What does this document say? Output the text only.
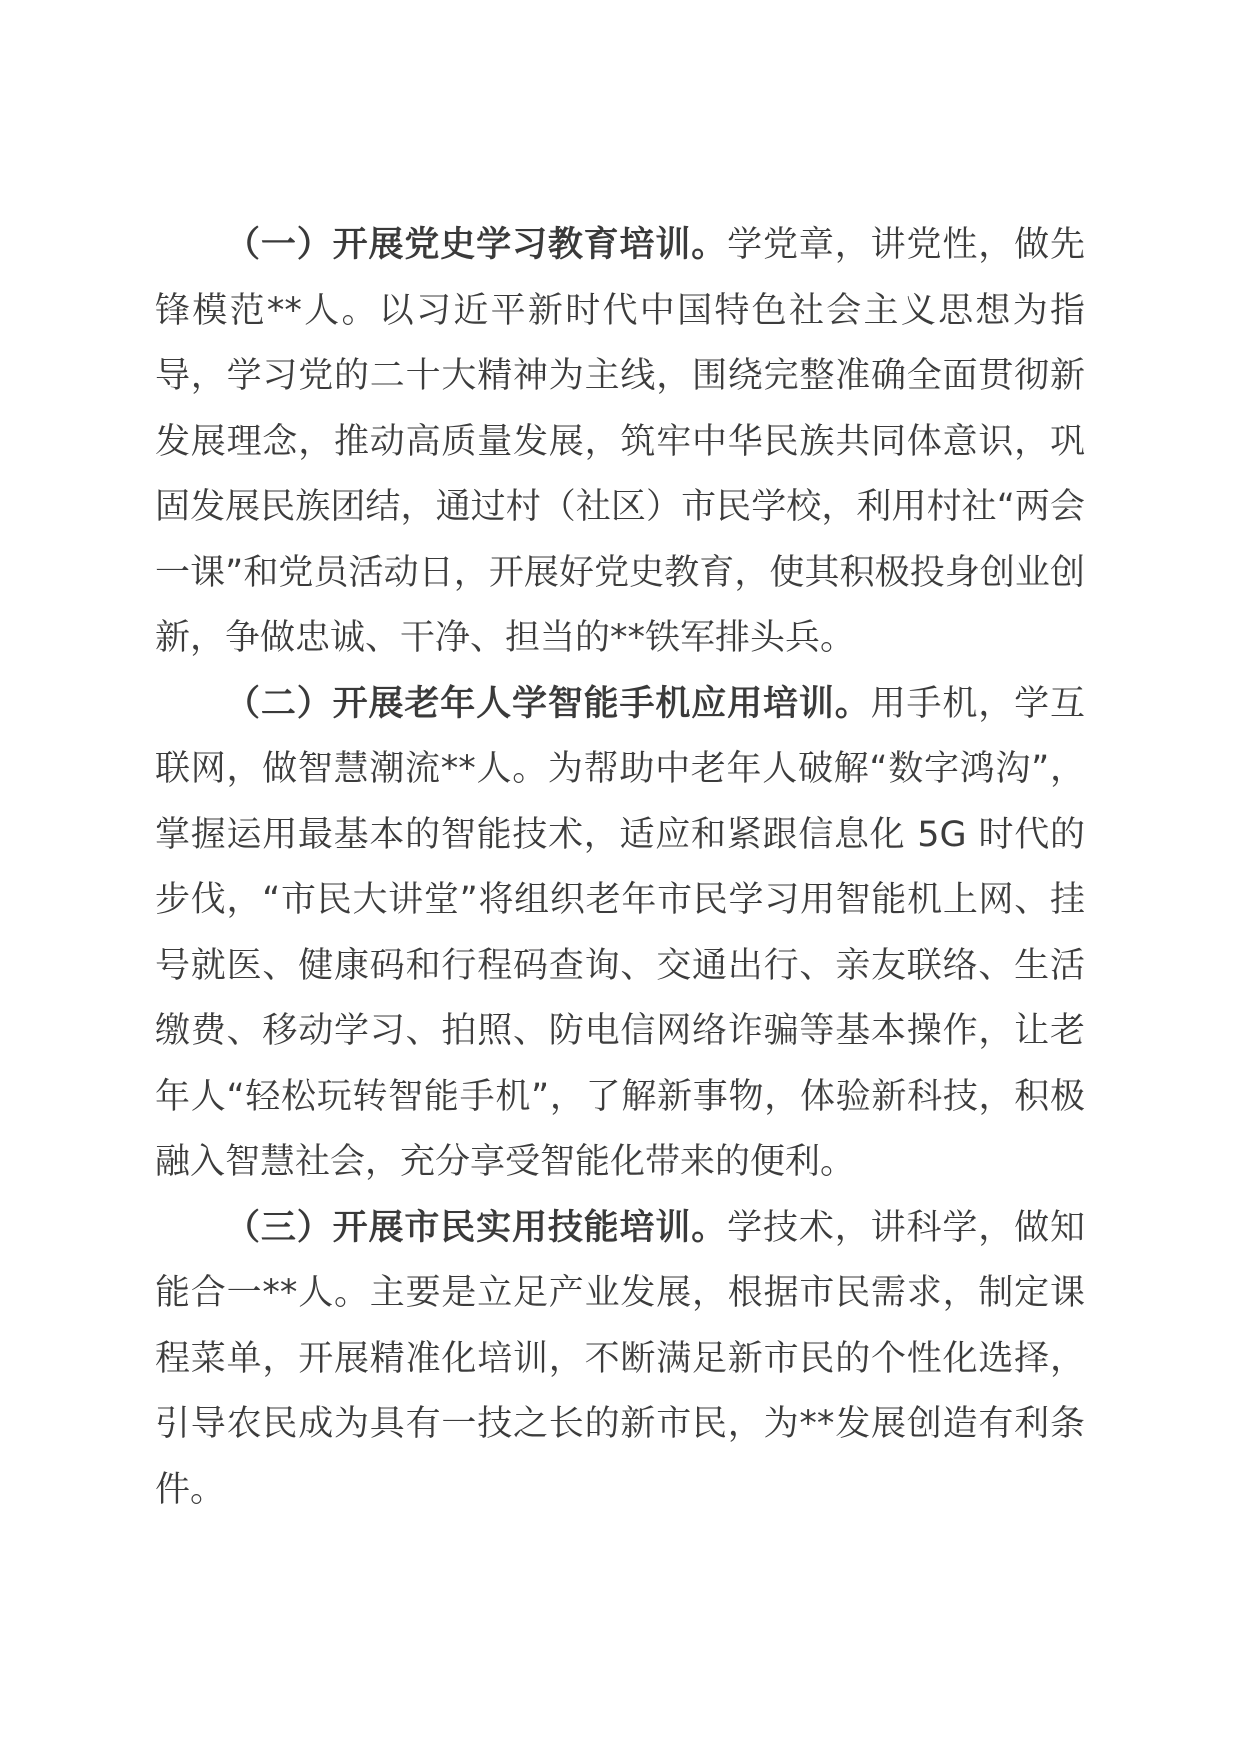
（一）开展党史学习教育培训。学党章，讲党性，做先锋模范**人。以习近平新时代中国特色社会主义思想为指导，学习党的二十大精神为主线，围绕完整准确全面贯彻新发展理念，推动高质量发展，筑牢中华民族共同体意识，巩固发展民族团结，通过村（社区）市民学校，利用村社“两会一课”和党员活动日，开展好党史教育，使其积极投身创业创新，争做忠诚、干净、担当的**铁军排头兵。

（二）开展老年人学智能手机应用培训。用手机，学互联网，做智慧潮流**人。为帮助中老年人破解“数字鸿沟”，掌握运用最基本的智能技术，适应和紧跟信息化 5G 时代的步伐，“市民大讲堂”将组织老年市民学习用智能机上网、挂号就医、健康码和行程码查询、交通出行、亲友联络、生活缴费、移动学习、拍照、防电信网络诈骗等基本操作，让老年人“轻松玩转智能手机”，了解新事物，体验新科技，积极融入智慧社会，充分享受智能化带来的便利。

（三）开展市民实用技能培训。学技术，讲科学，做知能合一**人。主要是立足产业发展，根据市民需求，制定课程菜单，开展精准化培训，不断满足新市民的个性化选择，引导农民成为具有一技之长的新市民，为**发展创造有利条件。
